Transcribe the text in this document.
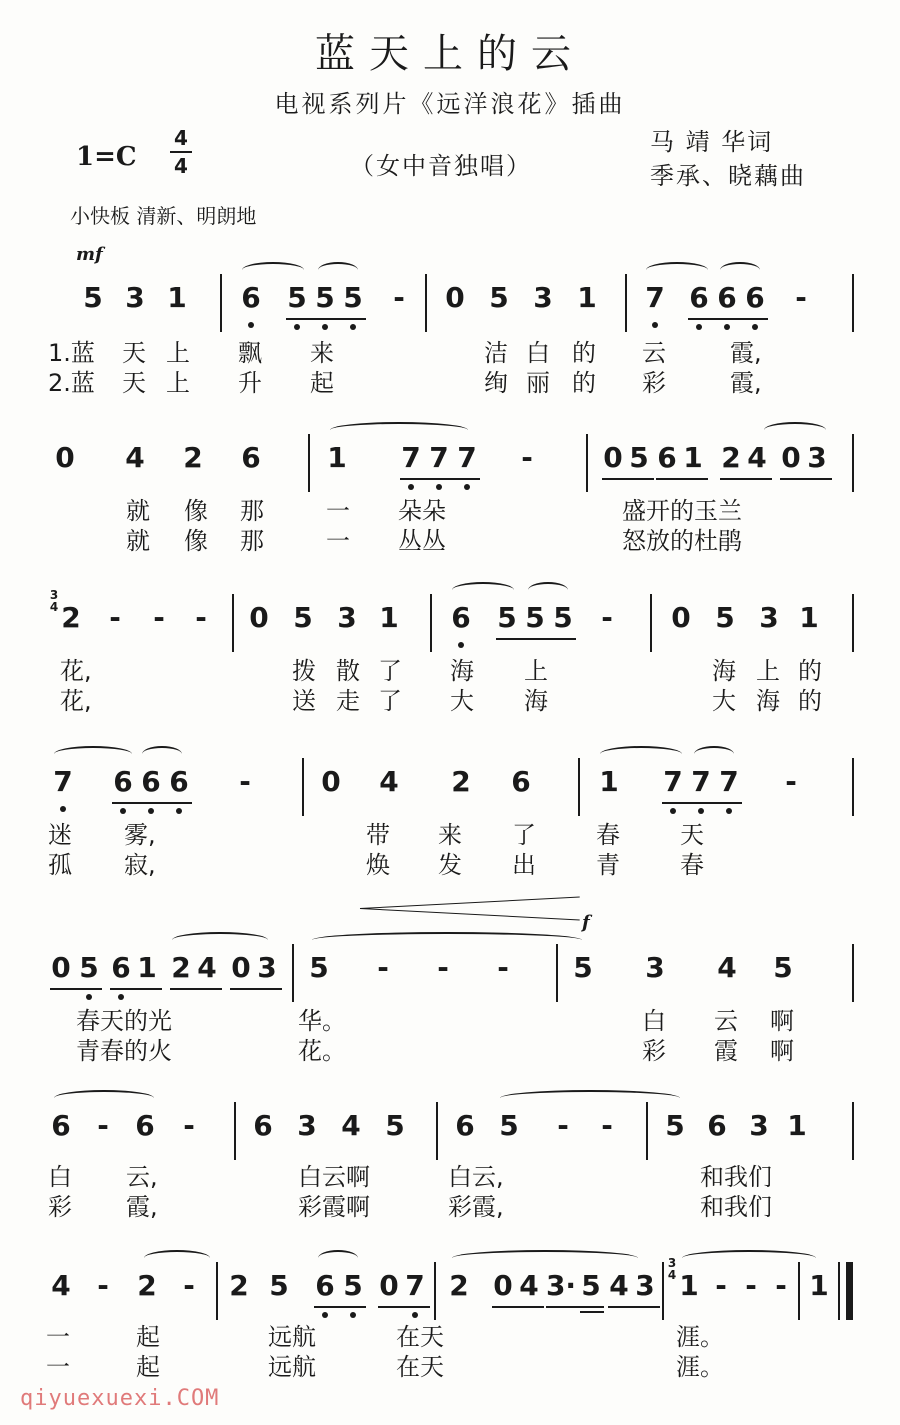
蓝天上的云
电视系列片《远洋浪花》插曲
1=C
4
4	（女中音独唱）
马 靖 华词
季承、晓藕曲
小快板 清新、明朗地
mf
f
5 3 1 6 5 5 5 - 0 5 3 1 7 6 6 6 -
1.蓝 天 上 飘 来	洁 白 的 云	霞,
2.蓝 天 上 升 起	绚 丽 的 彩	霞,
0 4 2 6 1 7 7 7 -	0 5 6 1 2 4 0 3
就 像 那	一 朵朵	盛开的玉兰
就 像 那	一 丛丛	怒放的杜鹃
3
4 2 - - - 0 5 3 1 6 5 5 5 - 0 5 3 1
花,	拨 散 了 海 上	海 上 的
花,	送 走 了 大 海	大 海 的
7 6 6 6 -	0 4 2 6 1 7 7 7 -
迷 雾,	带 来 了	春	天
孤 寂,	焕 发 出	青	春
0 5 6 1 2 4 0 3 5 - - - 5 3 4 5
春天的光	华。	白 云 啊
青春的火	花。	彩 霞 啊
6 - 6 - 6 3 4 5 6 5 - - 5 6 3 1
白 云,	白云啊	白云,	和我们
彩 霞,	彩霞啊	彩霞,	和我们
4 - 2 - 2 5 6 5 0 7 2 0 4 3· 5 4 3
3
4 1 - - - 1
一	起	远航	在天	涯。
一	起	远航	在天	涯。
qiyuexuexi.COM
